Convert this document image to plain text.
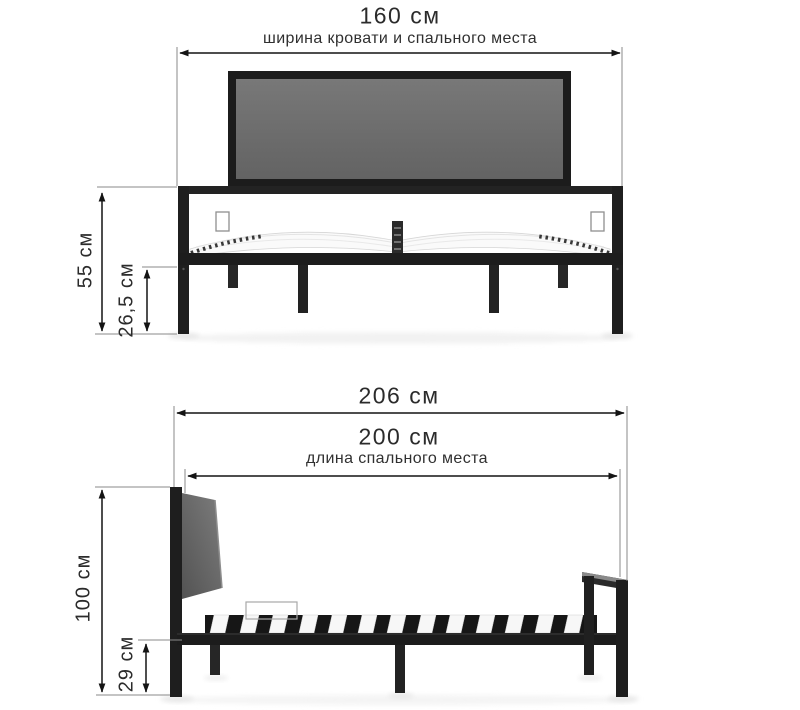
160 см
ширина кровати и спального места
55 см
26,5 см
206 см
200 см
длина спального места
100 см
29 см
